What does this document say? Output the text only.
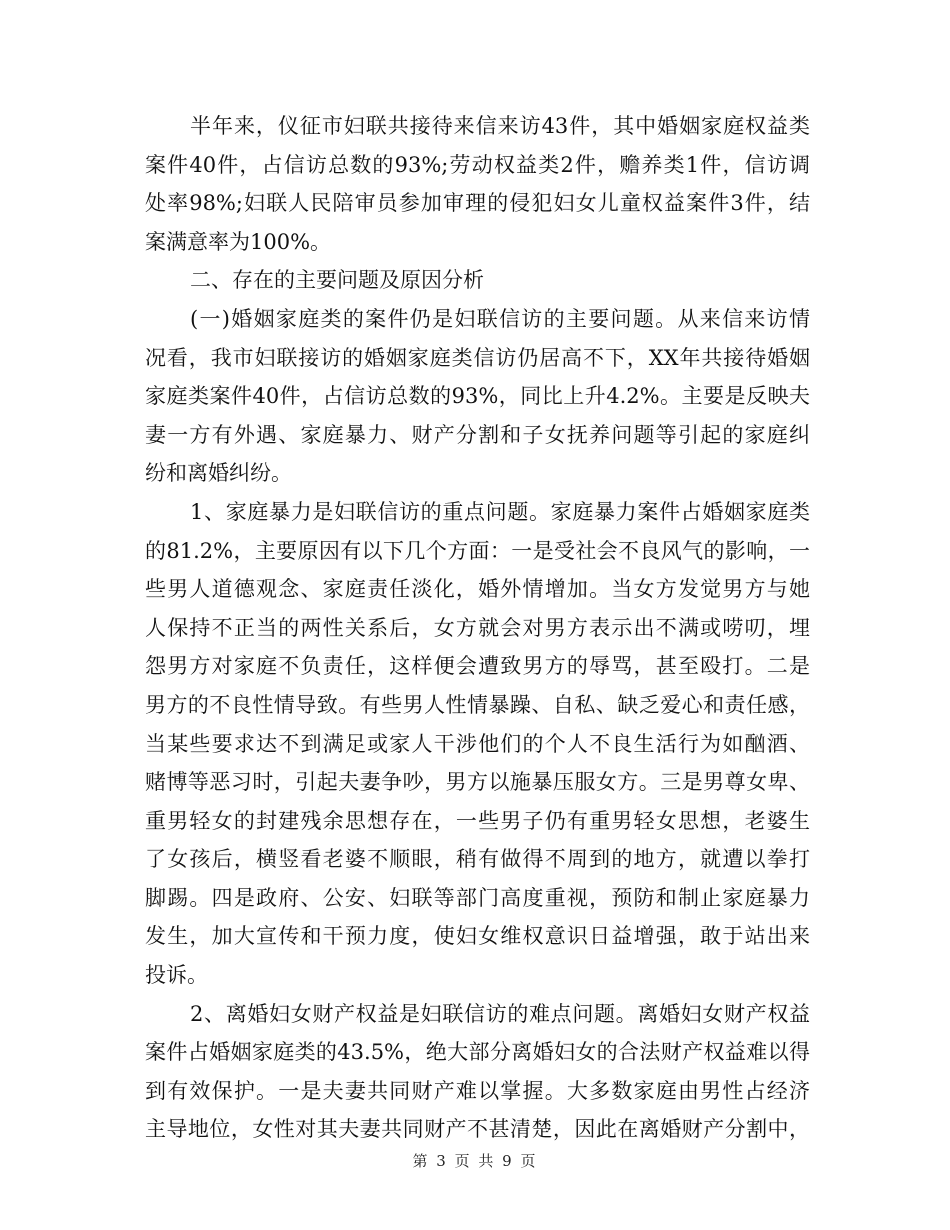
半年来，仪征市妇联共接待来信来访43件，其中婚姻家庭权益类
案件40件，占信访总数的93%;劳动权益类2件，赡养类1件，信访调
处率98%;妇联人民陪审员参加审理的侵犯妇女儿童权益案件3件，结
案满意率为100%。
二、存在的主要问题及原因分析
(一)婚姻家庭类的案件仍是妇联信访的主要问题。从来信来访情
况看，我市妇联接访的婚姻家庭类信访仍居高不下，XX年共接待婚姻
家庭类案件40件，占信访总数的93%，同比上升4.2%。主要是反映夫
妻一方有外遇、家庭暴力、财产分割和子女抚养问题等引起的家庭纠
纷和离婚纠纷。
1、家庭暴力是妇联信访的重点问题。家庭暴力案件占婚姻家庭类
的81.2%，主要原因有以下几个方面：一是受社会不良风气的影响，一
些男人道德观念、家庭责任淡化，婚外情增加。当女方发觉男方与她
人保持不正当的两性关系后，女方就会对男方表示出不满或唠叨，埋
怨男方对家庭不负责任，这样便会遭致男方的辱骂，甚至殴打。二是
男方的不良性情导致。有些男人性情暴躁、自私、缺乏爱心和责任感，
当某些要求达不到满足或家人干涉他们的个人不良生活行为如酗酒、
赌博等恶习时，引起夫妻争吵，男方以施暴压服女方。三是男尊女卑、
重男轻女的封建残余思想存在，一些男子仍有重男轻女思想，老婆生
了女孩后，横竖看老婆不顺眼，稍有做得不周到的地方，就遭以拳打
脚踢。四是政府、公安、妇联等部门高度重视，预防和制止家庭暴力
发生，加大宣传和干预力度，使妇女维权意识日益增强，敢于站出来
投诉。
2、离婚妇女财产权益是妇联信访的难点问题。离婚妇女财产权益
案件占婚姻家庭类的43.5%，绝大部分离婚妇女的合法财产权益难以得
到有效保护。一是夫妻共同财产难以掌握。大多数家庭由男性占经济
主导地位，女性对其夫妻共同财产不甚清楚，因此在离婚财产分割中，
第 3 页 共 9 页
